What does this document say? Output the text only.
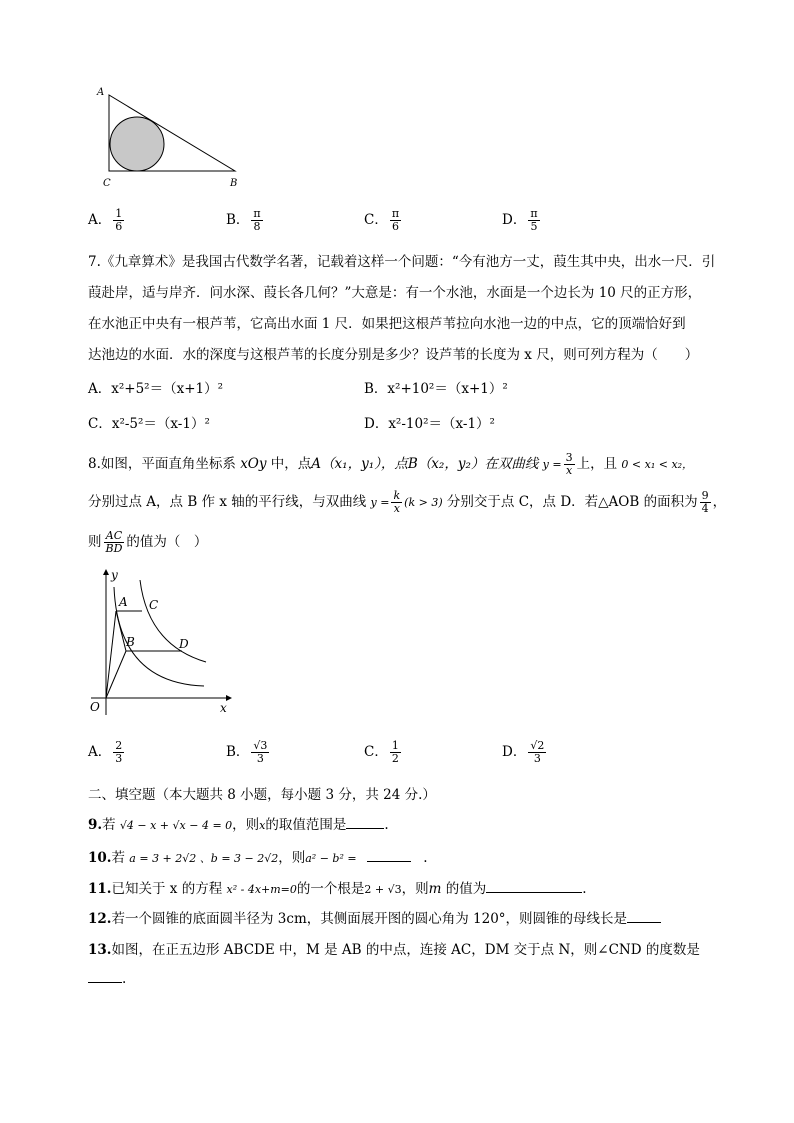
A
C	B
A． $\frac{1}{6}$	B． $\frac{\pi}{8}$	C． $\frac{\pi}{6}$	D． $\frac{\pi}{5}$
7.《九章算术》是我国古代数学名著，记载着这样一个问题：“今有池方一丈，葭生其中央，出水一尺．引
葭赴岸，适与岸齐．问水深、葭长各几何？”大意是：有一个水池，水面是一个边长为 10 尺的正方形，
在水池正中央有一根芦苇，它高出水面 1 尺．如果把这根芦苇拉向水池一边的中点，它的顶端恰好到
达池边的水面．水的深度与这根芦苇的长度分别是多少？设芦苇的长度为 x 尺，则可列方程为（　　）
A．x²+5²＝（x+1）²	B．x²+10²＝（x+1）²
C．x²-5²＝（x-1）²	D．x²-10²＝（x-1）²
8.如图，平面直角坐标系 xOy 中，点A（x₁，y₁），点B（x₂，y₂）在双曲线 $y = \frac{3}{x}$ 上，且 0 < x₁ < x₂，
分别过点 A，点 B 作 x 轴的平行线，与双曲线 $y = \frac{k}{x} (k > 3)$ 分别交于点 C，点 D．若△AOB 的面积为 $\frac{9}{4}$ ，
则 $\frac{AC}{BD}$ 的值为（　）
y
x
O
A C
B	D
A． $\frac{2}{3}$	B． $\frac{√3}{3}$	C． $\frac{1}{2}$	D． $\frac{√2}{3}$
二、填空题（本大题共 8 小题，每小题 3 分，共 24 分.）
9.若 √4 − x + √x − 4 = 0，则x的取值范围是	.
10.若 a = 3 + 2√2 、b = 3 − 2√2，则a² − b² =	.
11.已知关于 x 的方程 x² - 4x+m=0的一个根是2 + √3，则m 的值为	.
12.若一个圆锥的底面圆半径为 3cm，其侧面展开图的圆心角为 120°，则圆锥的母线长是
13.如图，在正五边形 ABCDE 中，M 是 AB 的中点，连接 AC，DM 交于点 N，则∠CND 的度数是
.
